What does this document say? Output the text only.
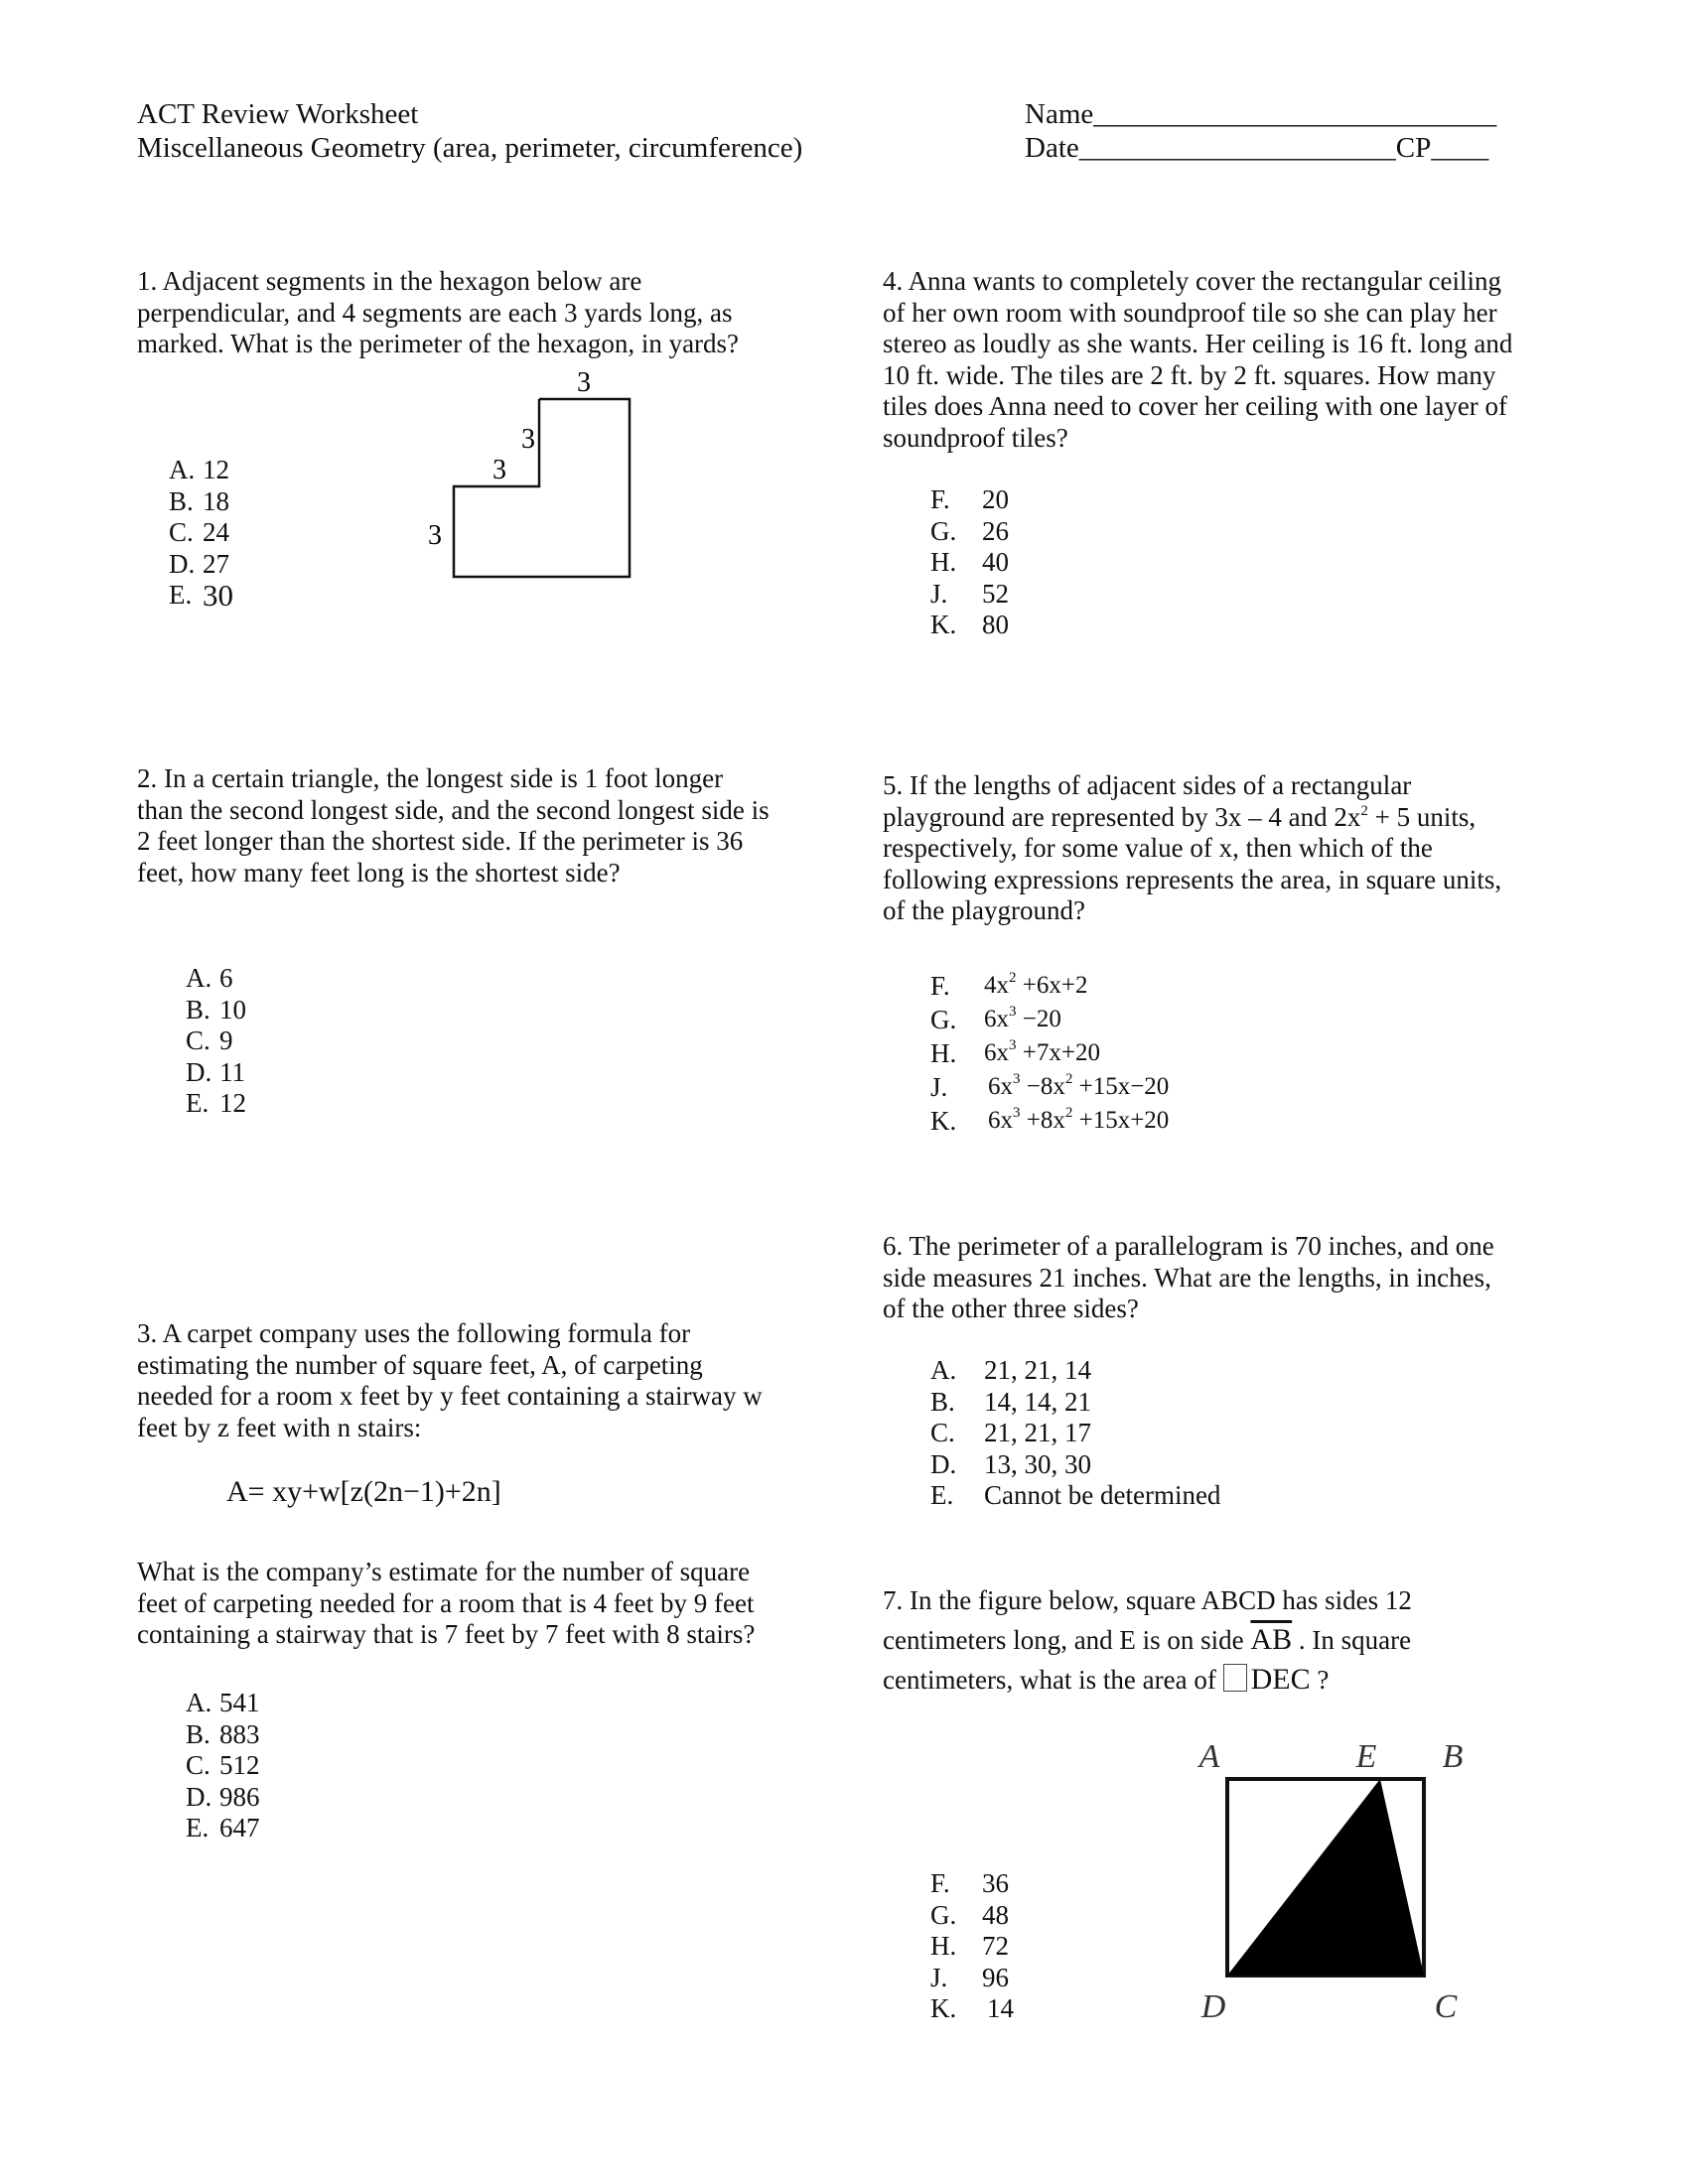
ACT Review Worksheet
Miscellaneous Geometry (area, perimeter, circumference)
Name____________________________
Date______________________CP____

1. Adjacent segments in the hexagon below are

perpendicular, and 4 segments are each 3 yards long, as

marked. What is the perimeter of the hexagon, in yards?

A. 12
B. 18
C. 24
D. 27
E. 30
3
3
3
3

2. In a certain triangle, the longest side is 1 foot longer

than the second longest side, and the second longest side is

2 feet longer than the shortest side. If the perimeter is 36

feet, how many feet long is the shortest side?

A. 6
B. 10
C. 9
D. 11
E. 12

3. A carpet company uses the following formula for

estimating the number of square feet, A, of carpeting

needed for a room x feet by y feet containing a stairway w

feet by z feet with n stairs:

A= xy+w[z(2n−1)+2n]

What is the company’s estimate for the number of square

feet of carpeting needed for a room that is 4 feet by 9 feet

containing a stairway that is 7 feet by 7 feet with 8 stairs?

A. 541
B. 883
C. 512
D. 986
E. 647

4. Anna wants to completely cover the rectangular ceiling

of her own room with soundproof tile so she can play her

stereo as loudly as she wants. Her ceiling is 16 ft. long and

10 ft. wide. The tiles are 2 ft. by 2 ft. squares. How many

tiles does Anna need to cover her ceiling with one layer of

soundproof tiles?

F.	20
G. 26
H. 40
J.	52
K. 80

5. If the lengths of adjacent sides of a rectangular

playground are represented by 3x – 4 and $2x^2 + 5$ units,

respectively, for some value of x, then which of the

following expressions represents the area, in square units,

of the playground?

F.	$4x^2 +6x+2$
G.	$6x^3 -20$
H.	$6x^3 +7x+20$
J.	$6x^3 -8x^2 +15x-20$
K.	$6x^3 +8x^2 +15x+20$

6. The perimeter of a parallelogram is 70 inches, and one

side measures 21 inches. What are the lengths, in inches,

of the other three sides?

A.	21, 21, 14
B.	14, 14, 21
C.	21, 21, 17
D.	13, 30, 30
E.	Cannot be determined

7. In the figure below, square ABCD has sides 12

centimeters long, and E is on side $\overline{AB}$ . In square

centimeters, what is the area of DEC ?

F.	36
G. 48
H. 72
J.	96
K.	14
A	E B
D	C
